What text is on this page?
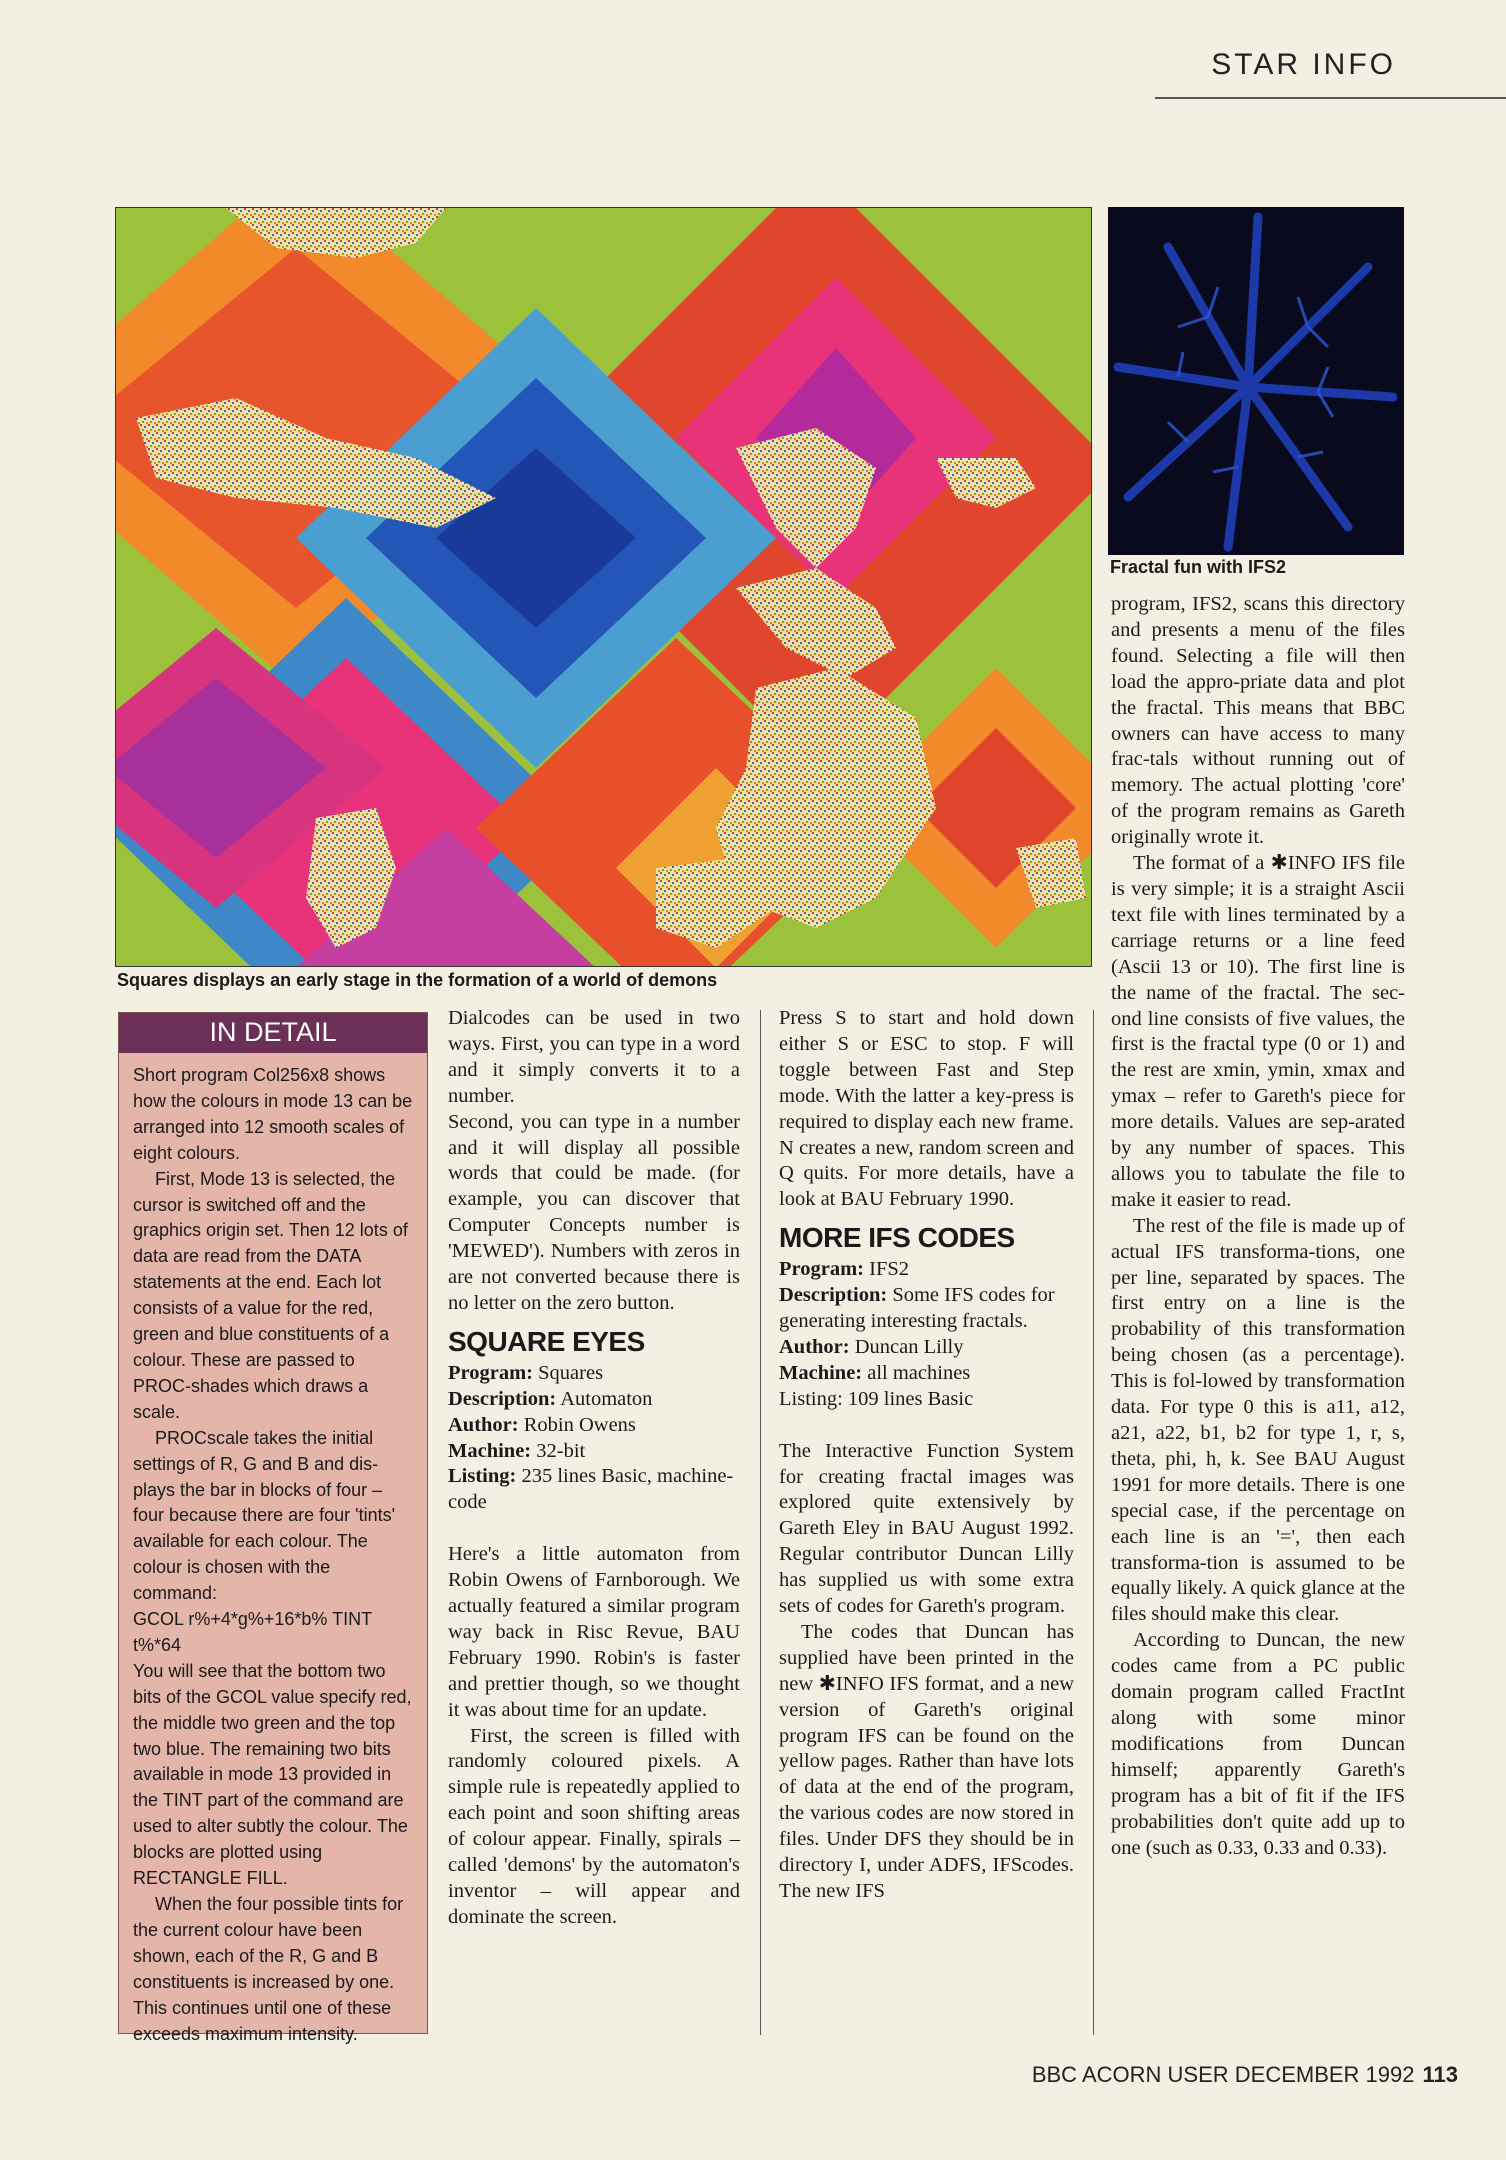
STAR INFO
Fractal fun with IFS2
Squares displays an early stage in the formation of a world of demons
IN DETAIL

Short program Col256x8 shows how the colours in mode 13 can be arranged into 12 smooth scales of eight colours.

First, Mode 13 is selected, the cursor is switched off and the graphics origin set. Then 12 lots of data are read from the DATA statements at the end. Each lot consists of a value for the red, green and blue constituents of a colour. These are passed to PROC-shades which draws a scale.

PROCscale takes the initial settings of R, G and B and dis-plays the bar in blocks of four – four because there are four 'tints' available for each colour. The colour is chosen with the command:

GCOL r%+4*g%+16*b% TINT t%*64

You will see that the bottom two bits of the GCOL value specify red, the middle two green and the top two blue. The remaining two bits available in mode 13 provided in the TINT part of the command are used to alter subtly the colour. The blocks are plotted using RECTANGLE FILL.

When the four possible tints for the current colour have been shown, each of the R, G and B constituents is increased by one. This continues until one of these exceeds maximum intensity.

Dialcodes can be used in two ways. First, you can type in a word and it simply converts it to a number.

Second, you can type in a number and it will display all possible words that could be made. (for example, you can discover that Computer Concepts number is 'MEWED'). Numbers with zeros in are not converted because there is no letter on the zero button.

SQUARE EYES
Program: Squares
Description: Automaton
Author: Robin Owens
Machine: 32-bit
Listing: 235 lines Basic, machine-code

Here's a little automaton from Robin Owens of Farnborough. We actually featured a similar program way back in Risc Revue, BAU February 1990. Robin's is faster and prettier though, so we thought it was about time for an update.

First, the screen is filled with randomly coloured pixels. A simple rule is repeatedly applied to each point and soon shifting areas of colour appear. Finally, spirals – called 'demons' by the automaton's inventor – will appear and dominate the screen.

Press S to start and hold down either S or ESC to stop. F will toggle between Fast and Step mode. With the latter a key-press is required to display each new frame. N creates a new, random screen and Q quits. For more details, have a look at BAU February 1990.

MORE IFS CODES
Program: IFS2
Description: Some IFS codes for generating interesting fractals.
Author: Duncan Lilly
Machine: all machines
Listing: 109 lines Basic

The Interactive Function System for creating fractal images was explored quite extensively by Gareth Eley in BAU August 1992. Regular contributor Duncan Lilly has supplied us with some extra sets of codes for Gareth's program.

The codes that Duncan has supplied have been printed in the new ✱INFO IFS format, and a new version of Gareth's original program IFS can be found on the yellow pages. Rather than have lots of data at the end of the program, the various codes are now stored in files. Under DFS they should be in directory I, under ADFS, IFScodes. The new IFS

program, IFS2, scans this directory and presents a menu of the files found. Selecting a file will then load the appro-priate data and plot the fractal. This means that BBC owners can have access to many frac-tals without running out of memory. The actual plotting 'core' of the program remains as Gareth originally wrote it.

The format of a ✱INFO IFS file is very simple; it is a straight Ascii text file with lines terminated by a carriage returns or a line feed (Ascii 13 or 10). The first line is the name of the fractal. The sec-ond line consists of five values, the first is the fractal type (0 or 1) and the rest are xmin, ymin, xmax and ymax – refer to Gareth's piece for more details. Values are sep-arated by any number of spaces. This allows you to tabulate the file to make it easier to read.

The rest of the file is made up of actual IFS transforma-tions, one per line, separated by spaces. The first entry on a line is the probability of this transformation being chosen (as a percentage). This is fol-lowed by transformation data. For type 0 this is a11, a12, a21, a22, b1, b2 for type 1, r, s, theta, phi, h, k. See BAU August 1991 for more details. There is one special case, if the percentage on each line is an '=', then each transforma-tion is assumed to be equally likely. A quick glance at the files should make this clear.

According to Duncan, the new codes came from a PC public domain program called FractInt along with some minor modifications from Duncan himself; apparently Gareth's program has a bit of fit if the IFS probabilities don't quite add up to one (such as 0.33, 0.33 and 0.33).

BBC ACORN USER DECEMBER 1992 113
